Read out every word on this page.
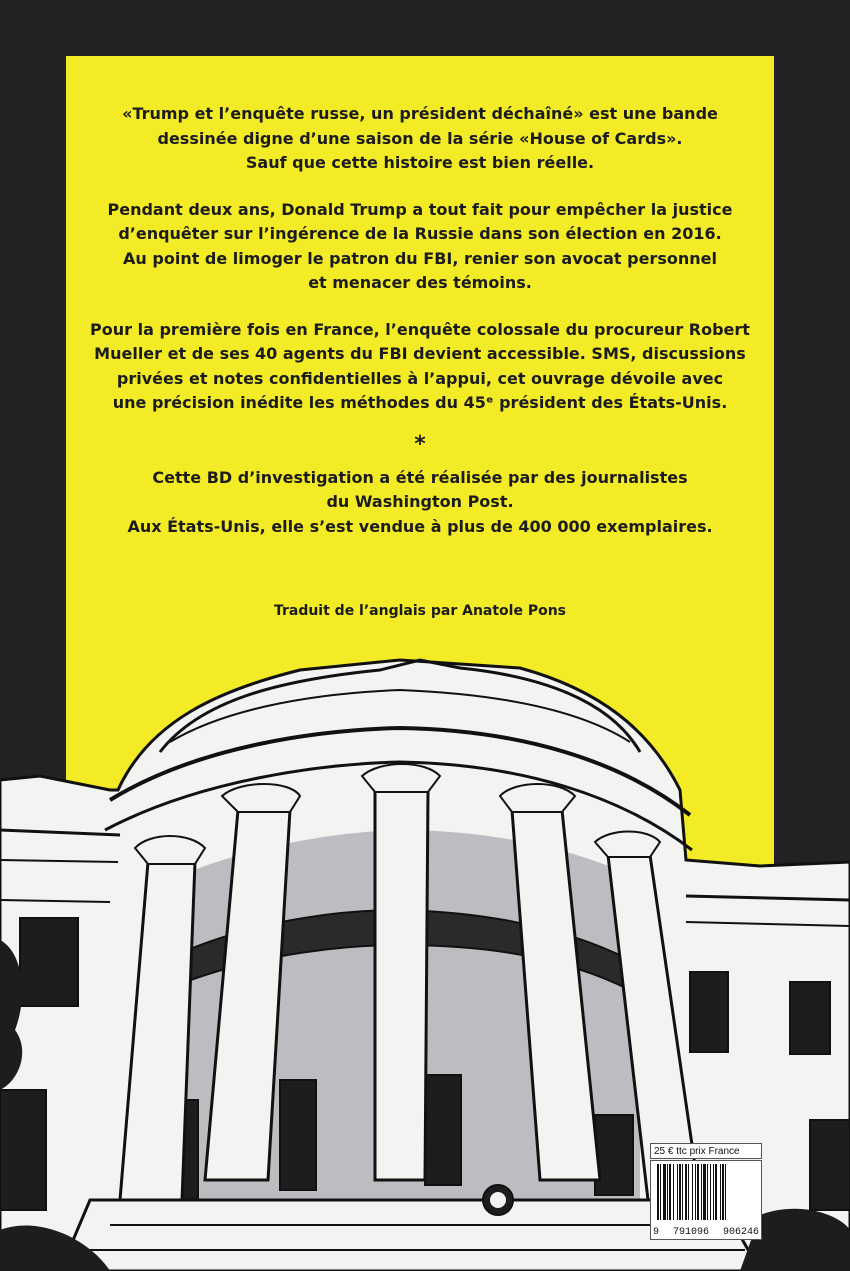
«Trump et l’enquête russe, un président déchaîné» est une bande
dessinée digne d’une saison de la série «House of Cards».
Sauf que cette histoire est bien réelle.

Pendant deux ans, Donald Trump a tout fait pour empêcher la justice
d’enquêter sur l’ingérence de la Russie dans son élection en 2016.
Au point de limoger le patron du FBI, renier son avocat personnel
et menacer des témoins.

Pour la première fois en France, l’enquête colossale du procureur Robert
Mueller et de ses 40 agents du FBI devient accessible. SMS, discussions
privées et notes confidentielles à l’appui, cet ouvrage dévoile avec
une précision inédite les méthodes du 45ᵉ président des États-Unis.

*

Cette BD d’investigation a été réalisée par des journalistes
du Washington Post.
Aux États-Unis, elle s’est vendue à plus de 400 000 exemplaires.

Traduit de l’anglais par Anatole Pons
25 € ttc prix France
9 791096 906246
